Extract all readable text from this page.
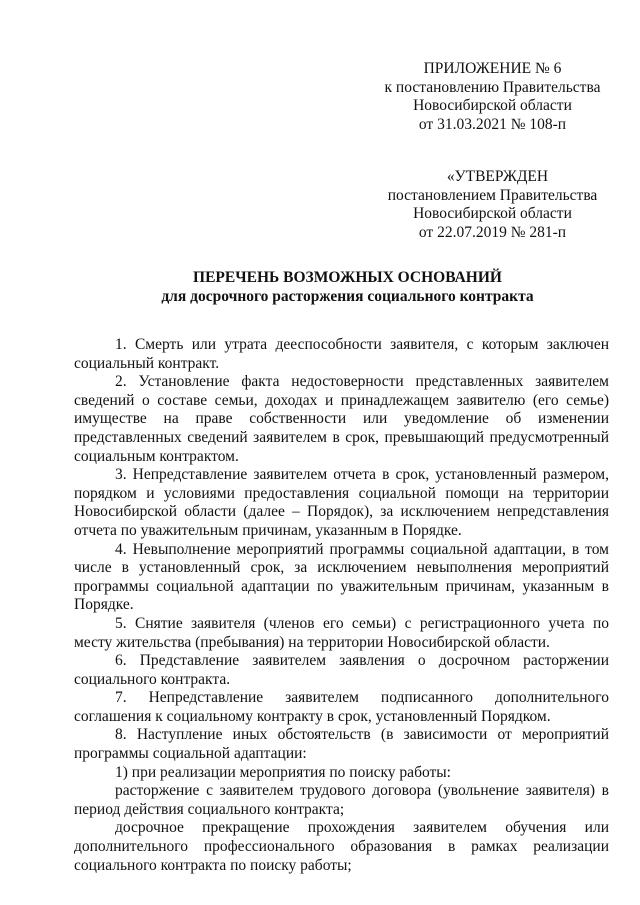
ПРИЛОЖЕНИЕ № 6
к постановлению Правительства
Новосибирской области
от 31.03.2021 № 108-п
«УТВЕРЖДЕН
постановлением Правительства
Новосибирской области
от 22.07.2019 № 281-п
ПЕРЕЧЕНЬ ВОЗМОЖНЫХ ОСНОВАНИЙ
для досрочного расторжения социального контракта

1. Смерть или утрата дееспособности заявителя, с которым заключен социальный контракт.

2. Установление факта недостоверности представленных заявителем сведений о составе семьи, доходах и принадлежащем заявителю (его семье) имуществе на праве собственности или уведомление об изменении представленных сведений заявителем в срок, превышающий предусмотренный социальным контрактом.

3. Непредставление заявителем отчета в срок, установленный размером, порядком и условиями предоставления социальной помощи на территории Новосибирской области (далее – Порядок), за исключением непредставления отчета по уважительным причинам, указанным в Порядке.

4. Невыполнение мероприятий программы социальной адаптации, в том числе в установленный срок, за исключением невыполнения мероприятий программы социальной адаптации по уважительным причинам, указанным в Порядке.

5. Снятие заявителя (членов его семьи) с регистрационного учета по месту жительства (пребывания) на территории Новосибирской области.

6. Представление заявителем заявления о досрочном расторжении социального контракта.

7. Непредставление заявителем подписанного дополнительного соглашения к социальному контракту в срок, установленный Порядком.

8. Наступление иных обстоятельств (в зависимости от мероприятий программы социальной адаптации:

1) при реализации мероприятия по поиску работы:

расторжение с заявителем трудового договора (увольнение заявителя) в период действия социального контракта;

досрочное прекращение прохождения заявителем обучения или дополнительного профессионального образования в рамках реализации социального контракта по поиску работы;
